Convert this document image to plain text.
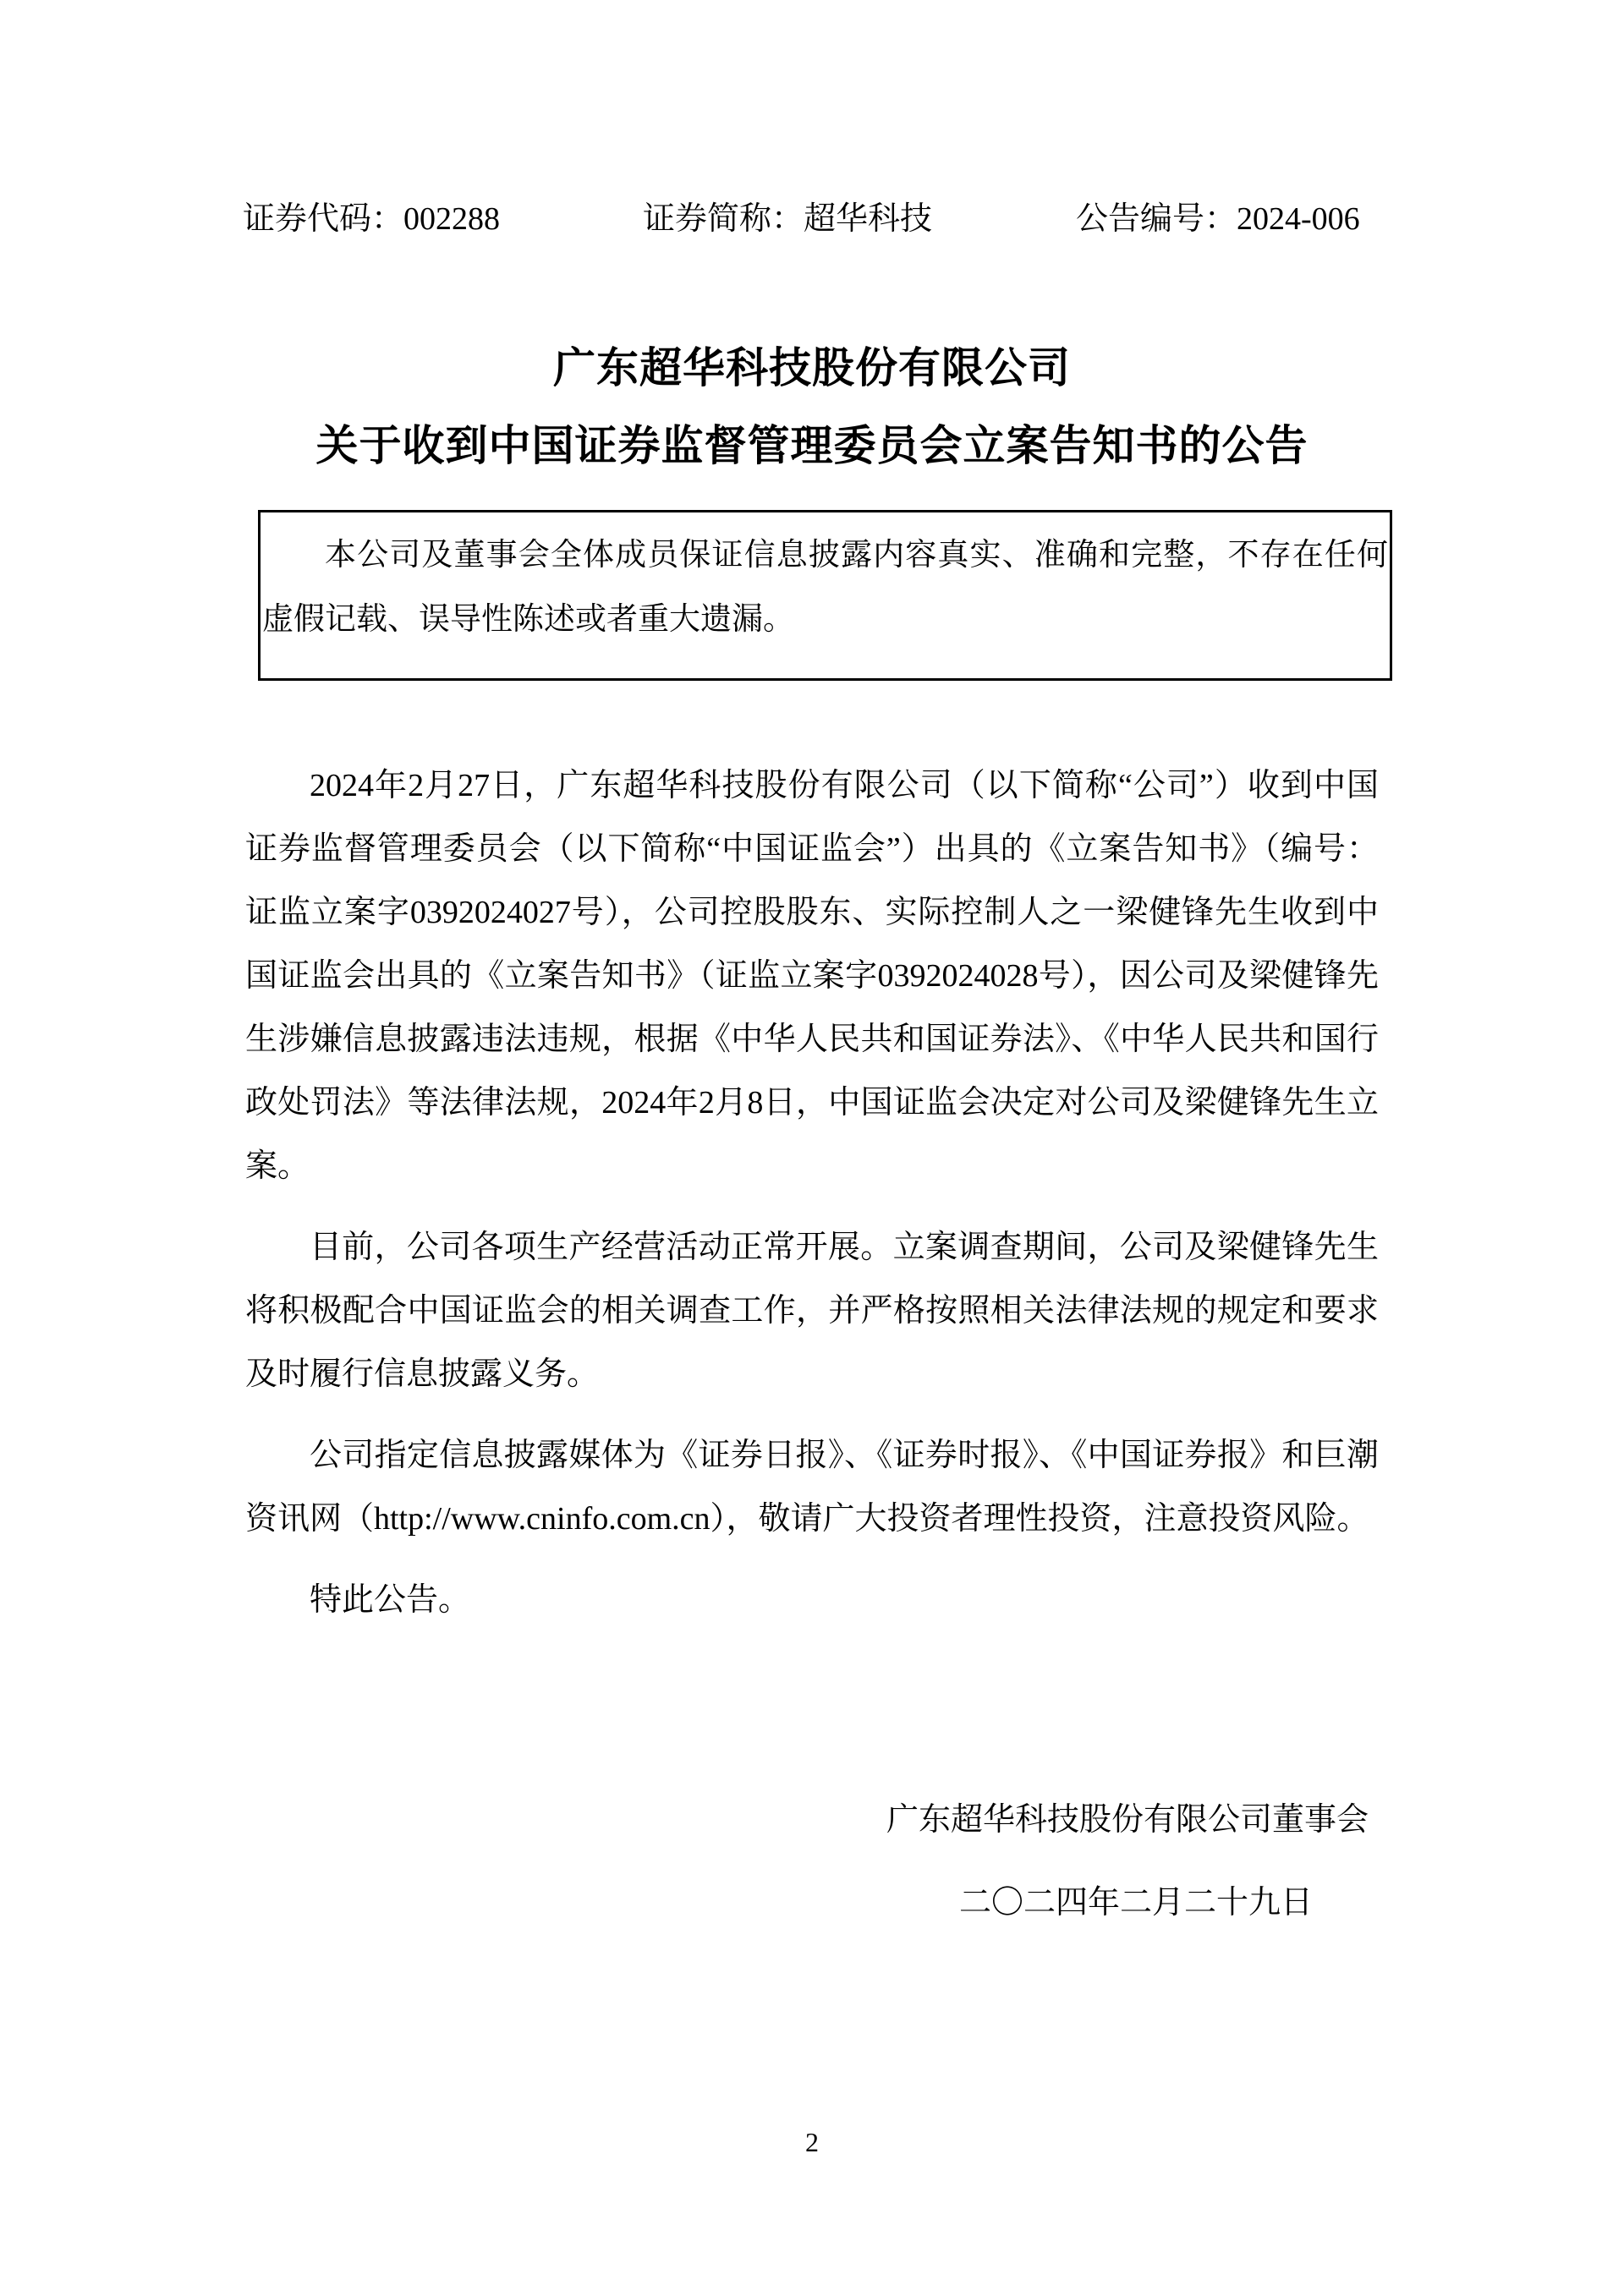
证券代码：002288	证券简称：超华科技	公告编号：2024-006
广东超华科技股份有限公司
关于收到中国证券监督管理委员会立案告知书的公告
本公司及董事会全体成员保证信息披露内容真实、准确和完整，不存在任何虚假记载、误导性陈述或者重大遗漏。

2024年2月27日，广东超华科技股份有限公司（以下简称“公司”）收到中国证券监督管理委员会（以下简称“中国证监会”）出具的《立案告知书》（编号：证监立案字0392024027号），公司控股股东、实际控制人之一梁健锋先生收到中国证监会出具的《立案告知书》（证监立案字0392024028号），因公司及梁健锋先生涉嫌信息披露违法违规，根据《中华人民共和国证券法》、《中华人民共和国行政处罚法》等法律法规，2024年2月8日，中国证监会决定对公司及梁健锋先生立案。

目前，公司各项生产经营活动正常开展。立案调查期间，公司及梁健锋先生将积极配合中国证监会的相关调查工作，并严格按照相关法律法规的规定和要求及时履行信息披露义务。

公司指定信息披露媒体为《证券日报》、《证券时报》、《中国证券报》和巨潮资讯网（http://www.cninfo.com.cn），敬请广大投资者理性投资，注意投资风险。

特此公告。

广东超华科技股份有限公司董事会
二〇二四年二月二十九日
2
